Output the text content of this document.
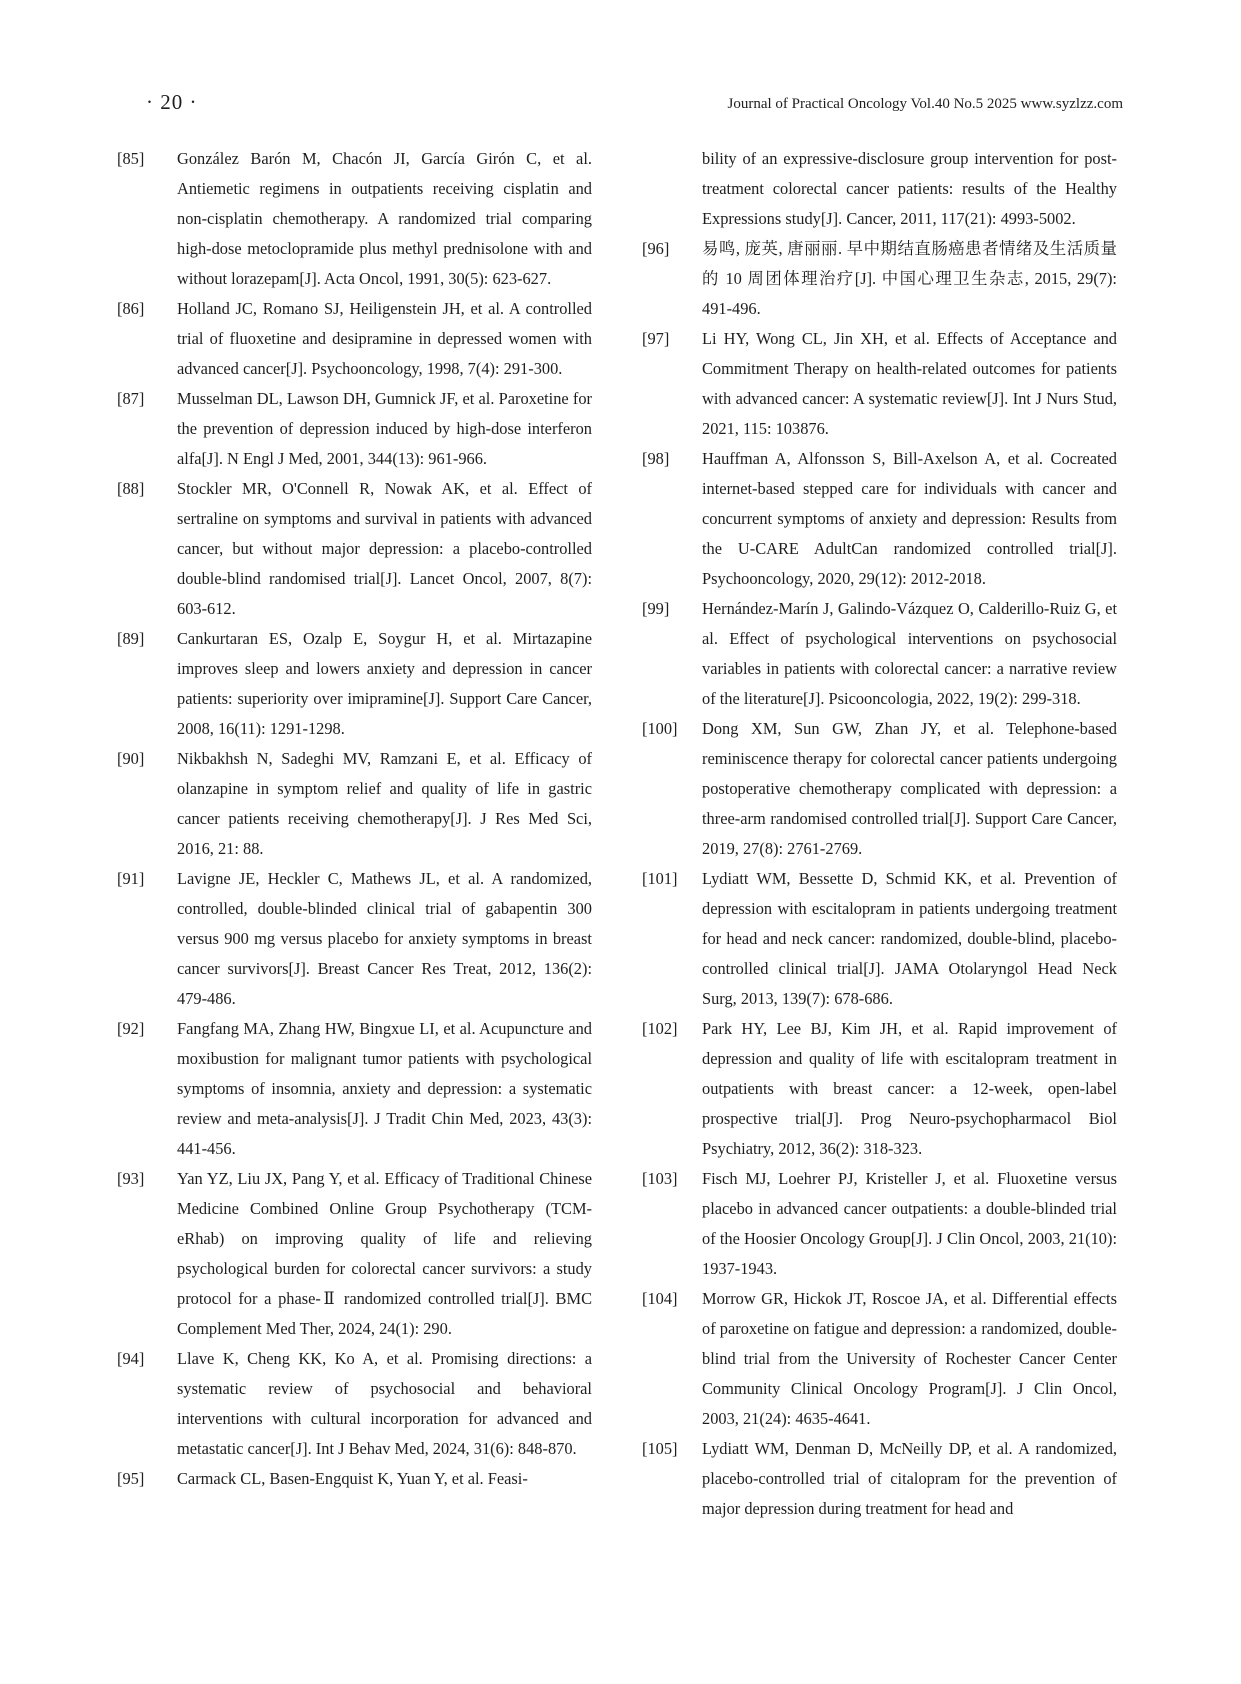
· 20 ·	Journal of Practical Oncology Vol.40 No.5 2025 www.syzlzz.com
[85] González Barón M, Chacón JI, García Girón C, et al. Antiemetic regimens in outpatients receiving cisplatin and non-cisplatin chemotherapy. A randomized trial comparing high-dose metoclopramide plus methyl prednisolone with and without lorazepam[J]. Acta Oncol, 1991, 30(5): 623-627.
[86] Holland JC, Romano SJ, Heiligenstein JH, et al. A controlled trial of fluoxetine and desipramine in depressed women with advanced cancer[J]. Psychooncology, 1998, 7(4): 291-300.
[87] Musselman DL, Lawson DH, Gumnick JF, et al. Paroxetine for the prevention of depression induced by high-dose interferon alfa[J]. N Engl J Med, 2001, 344(13): 961-966.
[88] Stockler MR, O'Connell R, Nowak AK, et al. Effect of sertraline on symptoms and survival in patients with advanced cancer, but without major depression: a placebo-controlled double-blind randomised trial[J]. Lancet Oncol, 2007, 8(7): 603-612.
[89] Cankurtaran ES, Ozalp E, Soygur H, et al. Mirtazapine improves sleep and lowers anxiety and depression in cancer patients: superiority over imipramine[J]. Support Care Cancer, 2008, 16(11): 1291-1298.
[90] Nikbakhsh N, Sadeghi MV, Ramzani E, et al. Efficacy of olanzapine in symptom relief and quality of life in gastric cancer patients receiving chemotherapy[J]. J Res Med Sci, 2016, 21: 88.
[91] Lavigne JE, Heckler C, Mathews JL, et al. A randomized, controlled, double-blinded clinical trial of gabapentin 300 versus 900 mg versus placebo for anxiety symptoms in breast cancer survivors[J]. Breast Cancer Res Treat, 2012, 136(2): 479-486.
[92] Fangfang MA, Zhang HW, Bingxue LI, et al. Acupuncture and moxibustion for malignant tumor patients with psychological symptoms of insomnia, anxiety and depression: a systematic review and meta-analysis[J]. J Tradit Chin Med, 2023, 43(3): 441-456.
[93] Yan YZ, Liu JX, Pang Y, et al. Efficacy of Traditional Chinese Medicine Combined Online Group Psychotherapy (TCM-eRhab) on improving quality of life and relieving psychological burden for colorectal cancer survivors: a study protocol for a phase-Ⅱ randomized controlled trial[J]. BMC Complement Med Ther, 2024, 24(1): 290.
[94] Llave K, Cheng KK, Ko A, et al. Promising directions: a systematic review of psychosocial and behavioral interventions with cultural incorporation for advanced and metastatic cancer[J]. Int J Behav Med, 2024, 31(6): 848-870.
[95] Carmack CL, Basen-Engquist K, Yuan Y, et al. Feasi-
bility of an expressive-disclosure group intervention for post-treatment colorectal cancer patients: results of the Healthy Expressions study[J]. Cancer, 2011, 117(21): 4993-5002.
[96] 易鸣, 庞英, 唐丽丽. 早中期结直肠癌患者情绪及生活质量的 10 周团体理治疗[J]. 中国心理卫生杂志, 2015, 29(7): 491-496.
[97] Li HY, Wong CL, Jin XH, et al. Effects of Acceptance and Commitment Therapy on health-related outcomes for patients with advanced cancer: A systematic review[J]. Int J Nurs Stud, 2021, 115: 103876.
[98] Hauffman A, Alfonsson S, Bill-Axelson A, et al. Cocreated internet-based stepped care for individuals with cancer and concurrent symptoms of anxiety and depression: Results from the U-CARE AdultCan randomized controlled trial[J]. Psychooncology, 2020, 29(12): 2012-2018.
[99] Hernández-Marín J, Galindo-Vázquez O, Calderillo-Ruiz G, et al. Effect of psychological interventions on psychosocial variables in patients with colorectal cancer: a narrative review of the literature[J]. Psicooncologia, 2022, 19(2): 299-318.
[100] Dong XM, Sun GW, Zhan JY, et al. Telephone-based reminiscence therapy for colorectal cancer patients undergoing postoperative chemotherapy complicated with depression: a three-arm randomised controlled trial[J]. Support Care Cancer, 2019, 27(8): 2761-2769.
[101] Lydiatt WM, Bessette D, Schmid KK, et al. Prevention of depression with escitalopram in patients undergoing treatment for head and neck cancer: randomized, double-blind, placebo-controlled clinical trial[J]. JAMA Otolaryngol Head Neck Surg, 2013, 139(7): 678-686.
[102] Park HY, Lee BJ, Kim JH, et al. Rapid improvement of depression and quality of life with escitalopram treatment in outpatients with breast cancer: a 12-week, open-label prospective trial[J]. Prog Neuro-psychopharmacol Biol Psychiatry, 2012, 36(2): 318-323.
[103] Fisch MJ, Loehrer PJ, Kristeller J, et al. Fluoxetine versus placebo in advanced cancer outpatients: a double-blinded trial of the Hoosier Oncology Group[J]. J Clin Oncol, 2003, 21(10): 1937-1943.
[104] Morrow GR, Hickok JT, Roscoe JA, et al. Differential effects of paroxetine on fatigue and depression: a randomized, double-blind trial from the University of Rochester Cancer Center Community Clinical Oncology Program[J]. J Clin Oncol, 2003, 21(24): 4635-4641.
[105] Lydiatt WM, Denman D, McNeilly DP, et al. A randomized, placebo-controlled trial of citalopram for the prevention of major depression during treatment for head and
